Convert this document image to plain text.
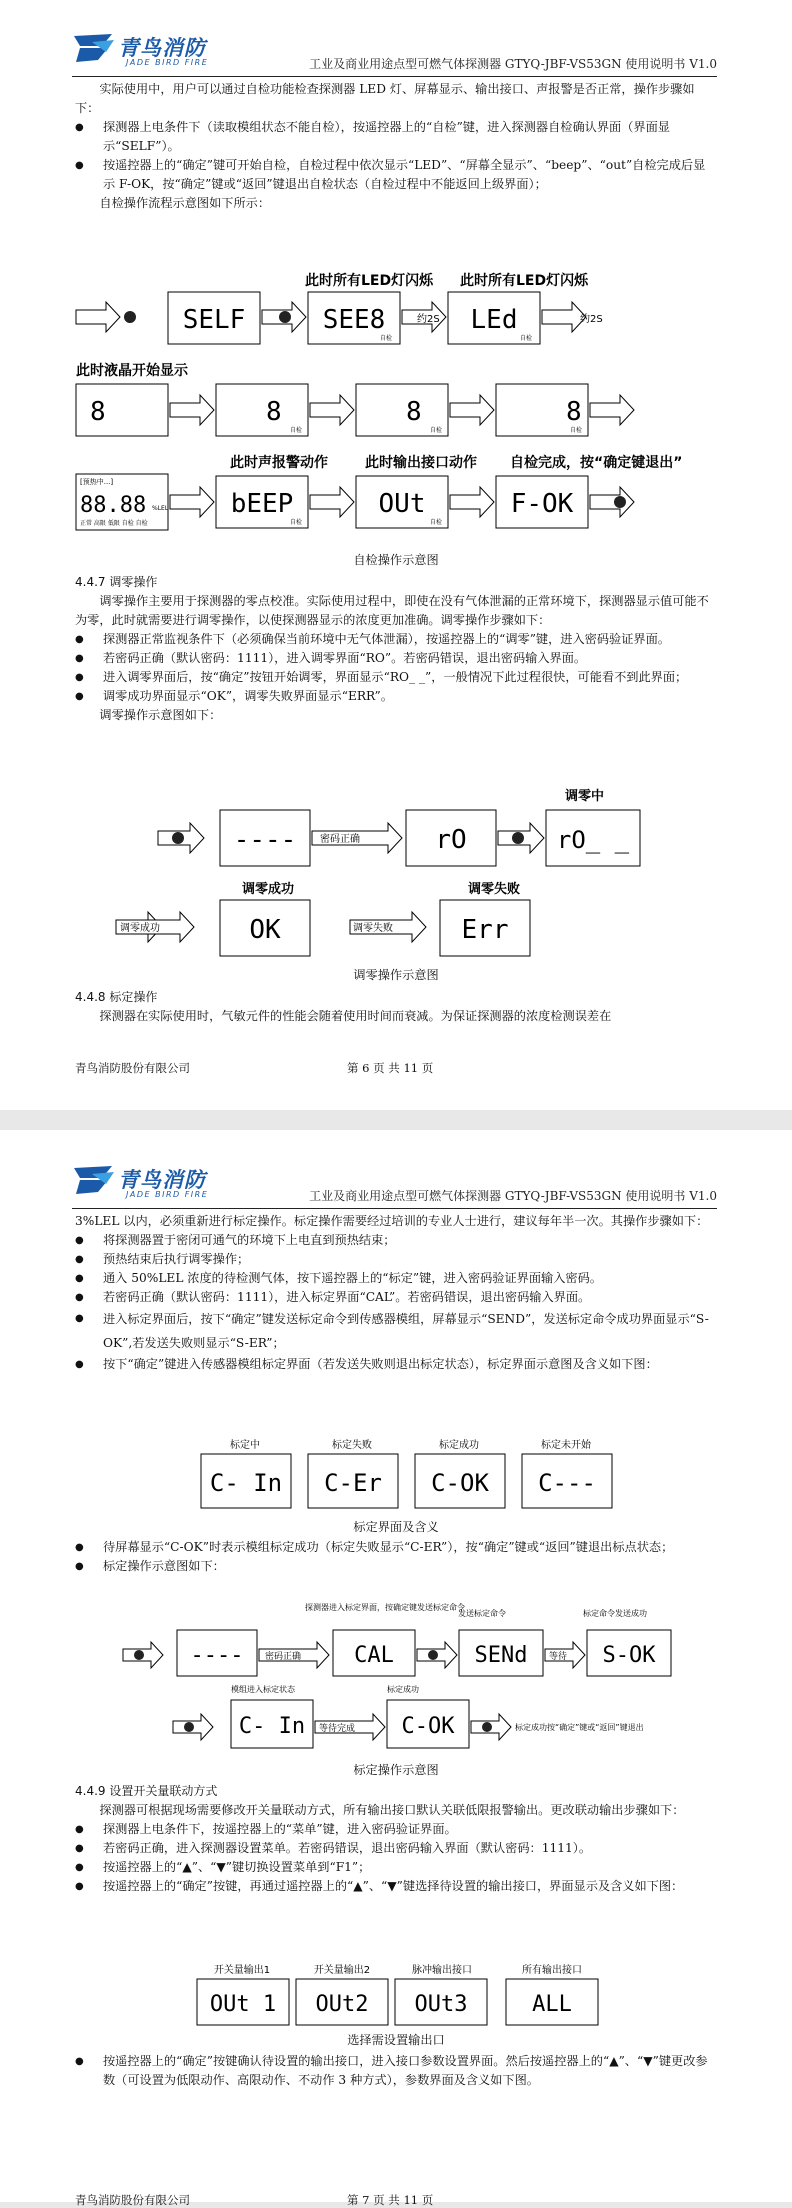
青鸟消防
JADE BIRD FIRE	工业及商业用途点型可燃气体探测器 GTYQ-JBF-VS53GN 使用说明书 V1.0

实际使用中，用户可以通过自检功能检查探测器 LED 灯、屏幕显示、输出接口、声报警是否正常，操作步骤如下：

● 探测器上电条件下（读取模组状态不能自检），按遥控器上的“自检”键，进入探测器自检确认界面（界面显示“SELF”）。

● 按遥控器上的“确定”键可开始自检，自检过程中依次显示“LED”、“屏幕全显示”、“beep”、“out”自检完成后显示 F-OK，按“确定”键或“返回”键退出自检状态（自检过程中不能返回上级界面）；

自检操作流程示意图如下所示：

此时所有LED灯闪烁 此时所有LED灯闪烁
SELF	SEE8
自检
约2S LEd
自检
约2S
此时液晶开始显示
8	8
自检
8
自检
8
自检
此时声报警动作	此时输出接口动作 自检完成，按“确定键退出”
[预热中...]
88.88 %LEL
正常 高限 低限 自检 自检
bEEP
自检
OUt
自检
F-OK
自检操作示意图

4.4.7 调零操作

调零操作主要用于探测器的零点校准。实际使用过程中，即使在没有气体泄漏的正常环境下，探测器显示值可能不为零，此时就需要进行调零操作，以使探测器显示的浓度更加准确。调零操作步骤如下：

● 探测器正常监视条件下（必须确保当前环境中无气体泄漏），按遥控器上的“调零”键，进入密码验证界面。

● 若密码正确（默认密码：1111），进入调零界面“RO”。若密码错误，退出密码输入界面。

● 进入调零界面后，按“确定”按钮开始调零，界面显示“RO_ _”，一般情况下此过程很快，可能看不到此界面；

● 调零成功界面显示“OK”，调零失败界面显示“ERR”。

调零操作示意图如下：

调零中
---- 密码正确	rO	rO_ _
调零成功	调零失败
调零成功	OK	调零失败	Err
调零操作示意图

4.4.8 标定操作

探测器在实际使用时，气敏元件的性能会随着使用时间而衰减。为保证探测器的浓度检测误差在

青鸟消防股份有限公司	第 6 页 共 11 页
青鸟消防
JADE BIRD FIRE	工业及商业用途点型可燃气体探测器 GTYQ-JBF-VS53GN 使用说明书 V1.0

3%LEL 以内，必须重新进行标定操作。标定操作需要经过培训的专业人士进行，建议每年半一次。其操作步骤如下：

● 将探测器置于密闭可通气的环境下上电直到预热结束；

● 预热结束后执行调零操作；

● 通入 50%LEL 浓度的待检测气体，按下遥控器上的“标定”键，进入密码验证界面输入密码。

● 若密码正确（默认密码：1111），进入标定界面“CAL”。若密码错误，退出密码输入界面。

● 进入标定界面后，按下“确定”键发送标定命令到传感器模组，屏幕显示“SEND”，发送标定命令成功界面显示“S-OK”,若发送失败则显示“S-ER”；

● 按下“确定”键进入传感器模组标定界面（若发送失败则退出标定状态），标定界面示意图及含义如下图：

标定中	标定失败	标定成功	标定未开始
C- In C-Er C-OK C---
标定界面及含义

● 待屏幕显示“C-OK”时表示模组标定成功（标定失败显示“C-ER”），按“确定”键或“返回”键退出标点状态；

● 标定操作示意图如下：

探测器进入标定界面，按确定键发送标定命令
发送标定命令	标定命令发送成功
---- 密码正确 CAL	SENd 等待 S-OK
模组进入标定状态	标定成功
C- In 等待完成 C-OK	标定成功按“确定”键或“返回”键退出
标定操作示意图

4.4.9 设置开关量联动方式

探测器可根据现场需要修改开关量联动方式，所有输出接口默认关联低限报警输出。更改联动输出步骤如下：

● 探测器上电条件下，按遥控器上的“菜单”键，进入密码验证界面。

● 若密码正确，进入探测器设置菜单。若密码错误，退出密码输入界面（默认密码：1111）。

● 按遥控器上的“▲”、“▼”键切换设置菜单到“F1”；

● 按遥控器上的“确定”按键，再通过遥控器上的“▲”、“▼”键选择待设置的输出接口，界面显示及含义如下图：

开关量输出1	开关量输出2	脉冲输出接口	所有输出接口
OUt 1 OUt2 OUt3	ALL
选择需设置输出口

● 按遥控器上的“确定”按键确认待设置的输出接口，进入接口参数设置界面。然后按遥控器上的“▲”、“▼”键更改参数（可设置为低限动作、高限动作、不动作 3 种方式），参数界面及含义如下图。

青鸟消防股份有限公司	第 7 页 共 11 页
